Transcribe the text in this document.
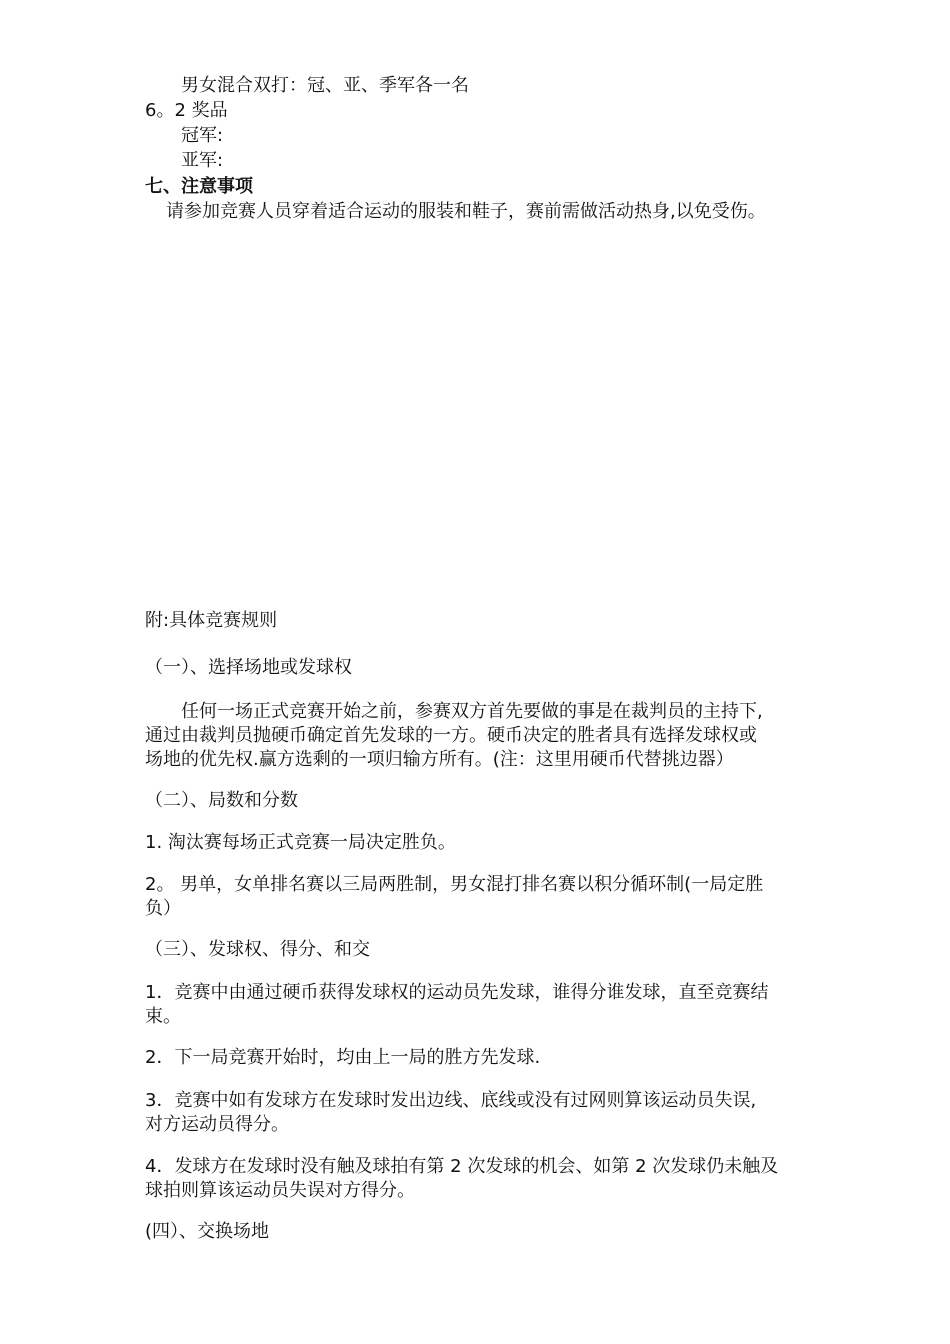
男女混合双打：冠、亚、季军各一名
6。2 奖品
冠军:
亚军:
七、注意事项
请参加竞赛人员穿着适合运动的服装和鞋子，赛前需做活动热身,以免受伤。
附:具体竞赛规则
（一）、选择场地或发球权
任何一场正式竞赛开始之前，参赛双方首先要做的事是在裁判员的主持下,
通过由裁判员抛硬币确定首先发球的一方。硬币决定的胜者具有选择发球权或
场地的优先权.赢方选剩的一项归输方所有。(注：这里用硬币代替挑边器）
（二）、局数和分数
1. 淘汰赛每场正式竞赛一局决定胜负。
2。 男单，女单排名赛以三局两胜制，男女混打排名赛以积分循环制(一局定胜
负）
（三）、发球权、得分、和交
1．竞赛中由通过硬币获得发球权的运动员先发球，谁得分谁发球，直至竞赛结
束。
2．下一局竞赛开始时，均由上一局的胜方先发球.
3．竞赛中如有发球方在发球时发出边线、底线或没有过网则算该运动员失误,
对方运动员得分。
4．发球方在发球时没有触及球拍有第 2 次发球的机会、如第 2 次发球仍未触及
球拍则算该运动员失误对方得分。
(四）、交换场地
